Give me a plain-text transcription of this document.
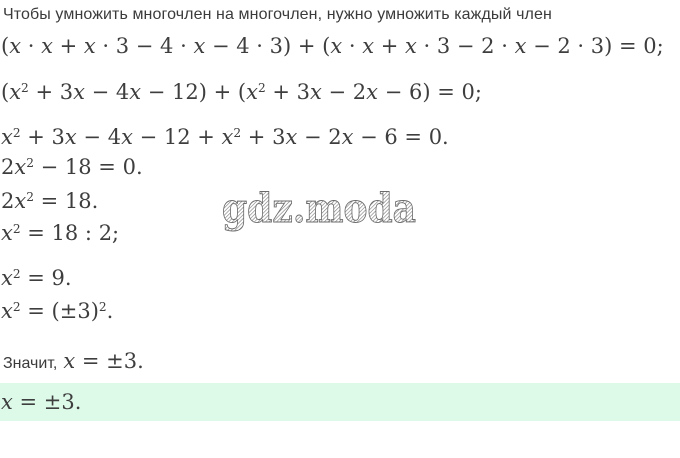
Чтобы умножить многочлен на многочлен, нужно умножить каждый член
(x · x + x · 3 − 4 · x − 4 · 3) + (x · x + x · 3 − 2 · x − 2 · 3) = 0;
$(x^2 + 3x - 4x - 12) + (x^2 + 3x - 2x - 6) = 0$;
$x^2 + 3x - 4x - 12 + x^2 + 3x - 2x - 6 = 0$.
$2x^2 - 18 = 0$.
$2x^2 = 18$.
$x^2 = 18$ : 2;
$x^2 = 9$.
$x^2 = (\pm 3)^2$.
Значит, x = ±3.
x = ±3.
gdz.moda
